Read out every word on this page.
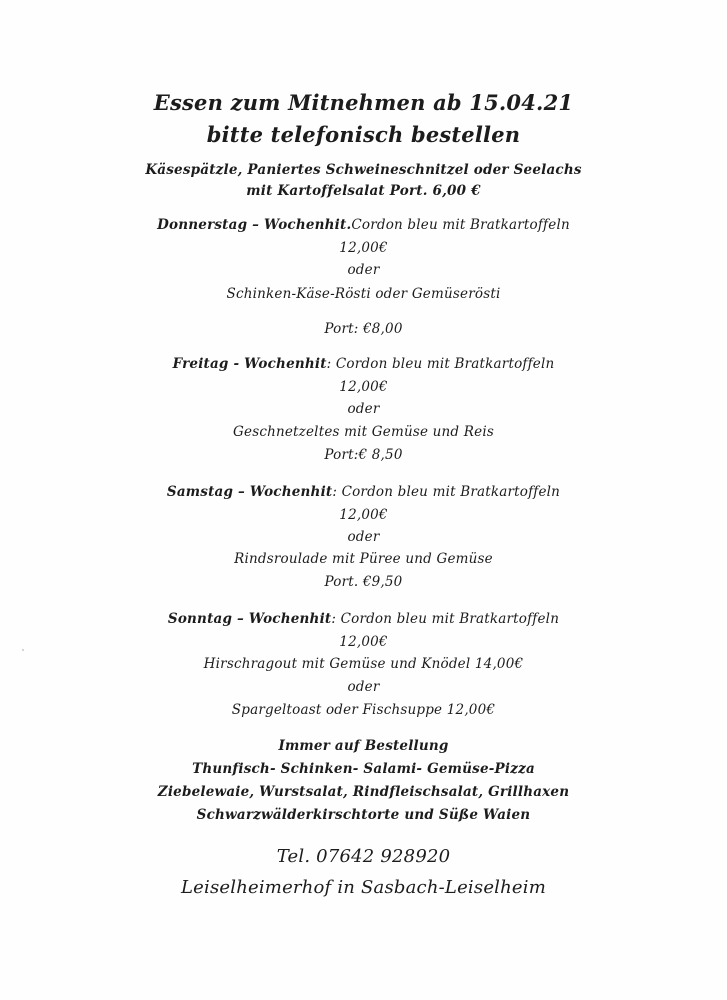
Essen zum Mitnehmen ab 15.04.21
bitte telefonisch bestellen
Käsespätzle, Paniertes Schweineschnitzel oder Seelachs
mit Kartoffelsalat Port. 6,00 €
Donnerstag – Wochenhit.Cordon bleu mit Bratkartoffeln
12,00€
oder
Schinken-Käse-Rösti oder Gemüserösti
Port: €8,00
Freitag - Wochenhit: Cordon bleu mit Bratkartoffeln
12,00€
oder
Geschnetzeltes mit Gemüse und Reis
Port:€ 8,50
Samstag – Wochenhit: Cordon bleu mit Bratkartoffeln
12,00€
oder
Rindsroulade mit Püree und Gemüse
Port. €9,50
Sonntag – Wochenhit: Cordon bleu mit Bratkartoffeln
12,00€
Hirschragout mit Gemüse und Knödel 14,00€
oder
Spargeltoast oder Fischsuppe 12,00€
Immer auf Bestellung
Thunfisch- Schinken- Salami- Gemüse-Pizza
Ziebelewaie, Wurstsalat, Rindfleischsalat, Grillhaxen
Schwarzwälderkirschtorte und Süße Waien
Tel. 07642 928920
Leiselheimerhof in Sasbach-Leiselheim
